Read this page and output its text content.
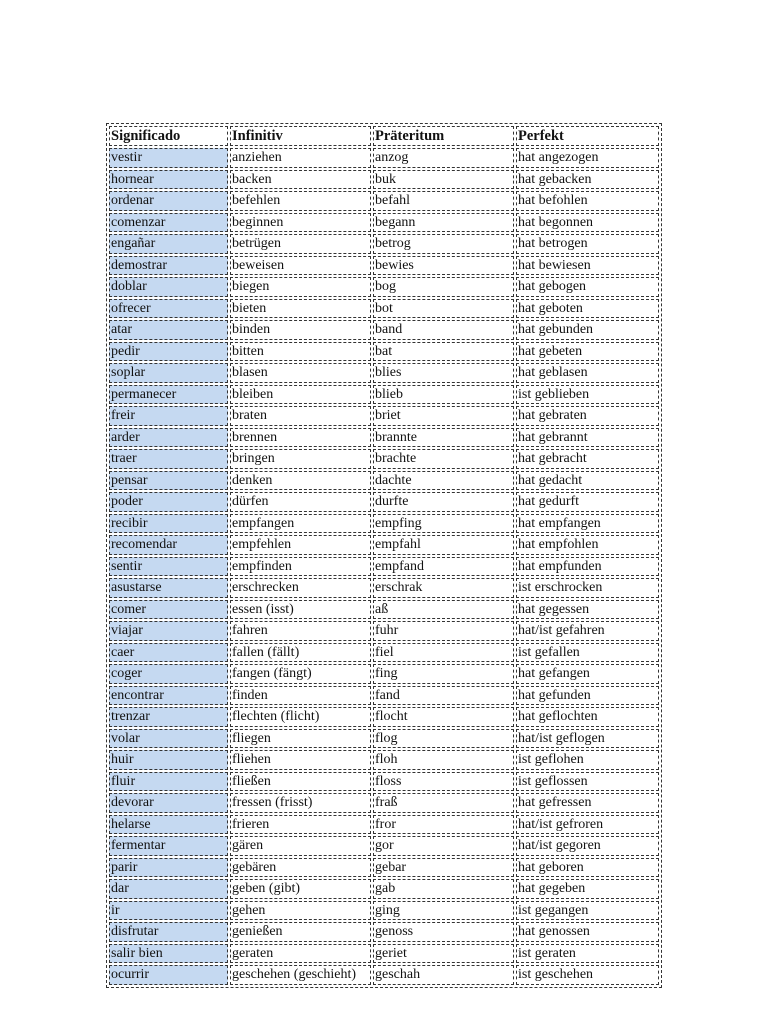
Significado	Infinitiv	Präteritum	Perfekt
vestir	anziehen	anzog	hat angezogen
hornear	backen	buk	hat gebacken
ordenar	befehlen	befahl	hat befohlen
comenzar	beginnen	begann	hat begonnen
engañar	betrügen	betrog	hat betrogen
demostrar	beweisen	bewies	hat bewiesen
doblar	biegen	bog	hat gebogen
ofrecer	bieten	bot	hat geboten
atar	binden	band	hat gebunden
pedir	bitten	bat	hat gebeten
soplar	blasen	blies	hat geblasen
permanecer	bleiben	blieb	ist geblieben
freir	braten	briet	hat gebraten
arder	brennen	brannte	hat gebrannt
traer	bringen	brachte	hat gebracht
pensar	denken	dachte	hat gedacht
poder	dürfen	durfte	hat gedurft
recibir	empfangen	empfing	hat empfangen
recomendar	empfehlen	empfahl	hat empfohlen
sentir	empfinden	empfand	hat empfunden
asustarse	erschrecken	erschrak	ist erschrocken
comer	essen (isst)	aß	hat gegessen
viajar	fahren	fuhr	hat/ist gefahren
caer	fallen (fällt)	fiel	ist gefallen
coger	fangen (fängt)	fing	hat gefangen
encontrar	finden	fand	hat gefunden
trenzar	flechten (flicht)	flocht	hat geflochten
volar	fliegen	flog	hat/ist geflogen
huir	fliehen	floh	ist geflohen
fluir	fließen	floss	ist geflossen
devorar	fressen (frisst)	fraß	hat gefressen
helarse	frieren	fror	hat/ist gefroren
fermentar	gären	gor	hat/ist gegoren
parir	gebären	gebar	hat geboren
dar	geben (gibt)	gab	hat gegeben
ir	gehen	ging	ist gegangen
disfrutar	genießen	genoss	hat genossen
salir bien	geraten	geriet	ist geraten
ocurrir	geschehen (geschieht)	geschah	ist geschehen
